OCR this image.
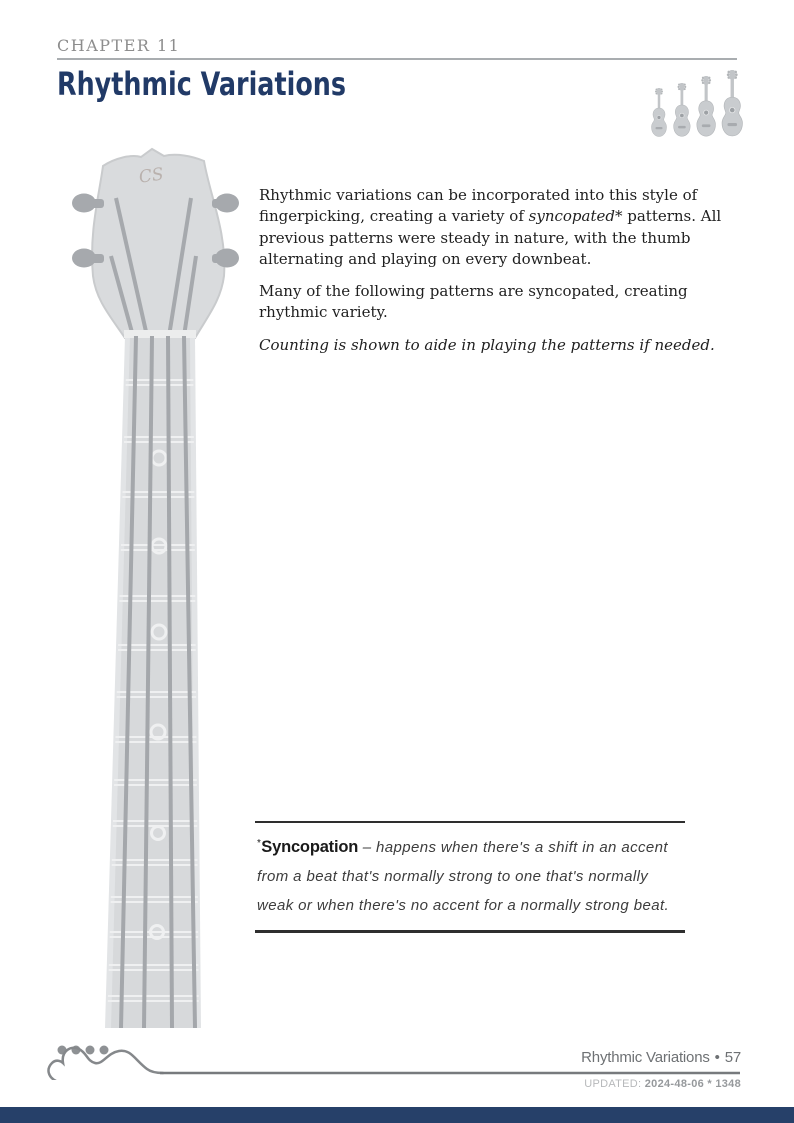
CHAPTER 11
Rhythmic Variations
CS

Rhythmic variations can be incorporated into this style of fingerpicking, creating a variety of syncopated* patterns. All previous patterns were steady in nature, with the thumb alternating and playing on every downbeat.

Many of the following patterns are syncopated, creating rhythmic variety.

Counting is shown to aide in playing the patterns if needed.

*Syncopation – happens when there's a shift in an accent from a beat that's normally strong to one that's normally weak or when there's no accent for a normally strong beat.
Rhythmic Variations • 57
UPDATED: 2024-48-06 * 1348
